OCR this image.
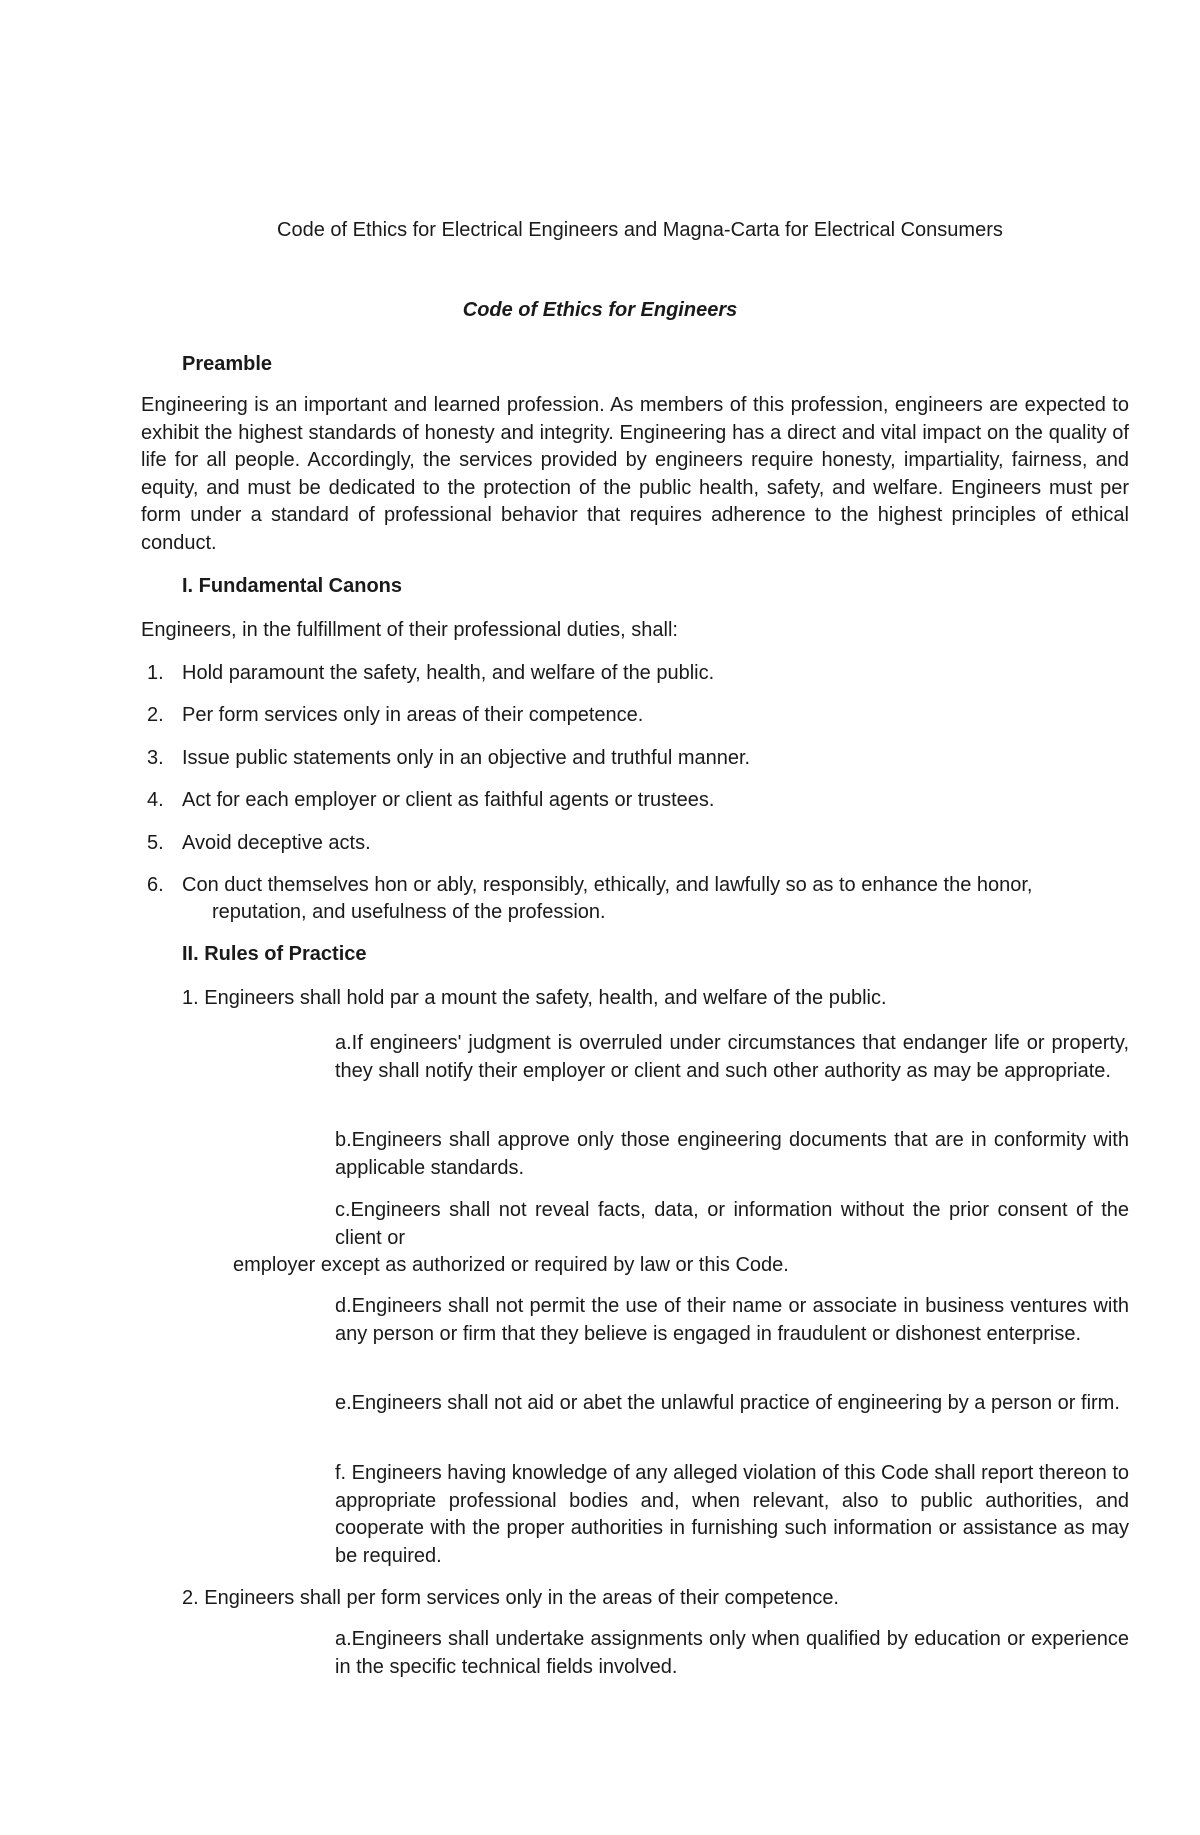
Code of Ethics for Electrical Engineers and Magna-Carta for Electrical Consumers
Code of Ethics for Engineers
Preamble
Engineering is an important and learned profession. As members of this profession, engineers are expected to exhibit the highest standards of honesty and integrity. Engineering has a direct and vital impact on the quality of life for all people. Accordingly, the services provided by engineers require honesty, impartiality, fairness, and equity, and must be dedicated to the protection of the public health, safety, and welfare. Engineers must per form under a standard of professional behavior that requires adherence to the highest principles of ethical conduct.
I. Fundamental Canons
Engineers, in the fulfillment of their professional duties, shall:
1. Hold paramount the safety, health, and welfare of the public.
2. Per form services only in areas of their competence.
3. Issue public statements only in an objective and truthful manner.
4. Act for each employer or client as faithful agents or trustees.
5. Avoid deceptive acts.
6. Con duct themselves hon or ably, responsibly, ethically, and lawfully so as to enhance the honor,
reputation, and usefulness of the profession.
II. Rules of Practice
1. Engineers shall hold par a mount the safety, health, and welfare of the public.
a.If engineers' judgment is overruled under circumstances that endanger life or property, they shall notify their employer or client and such other authority as may be appropriate.
b.Engineers shall approve only those engineering documents that are in conformity with applicable standards.
c.Engineers shall not reveal facts, data, or information without the prior consent of the client or
employer except as authorized or required by law or this Code.
d.Engineers shall not permit the use of their name or associate in business ventures with any person or firm that they believe is engaged in fraudulent or dishonest enterprise.
e.Engineers shall not aid or abet the unlawful practice of engineering by a person or firm.
f. Engineers having knowledge of any alleged violation of this Code shall report thereon to appropriate professional bodies and, when relevant, also to public authorities, and cooperate with the proper authorities in furnishing such information or assistance as may be required.
2. Engineers shall per form services only in the areas of their competence.
a.Engineers shall undertake assignments only when qualified by education or experience in the specific technical fields involved.
